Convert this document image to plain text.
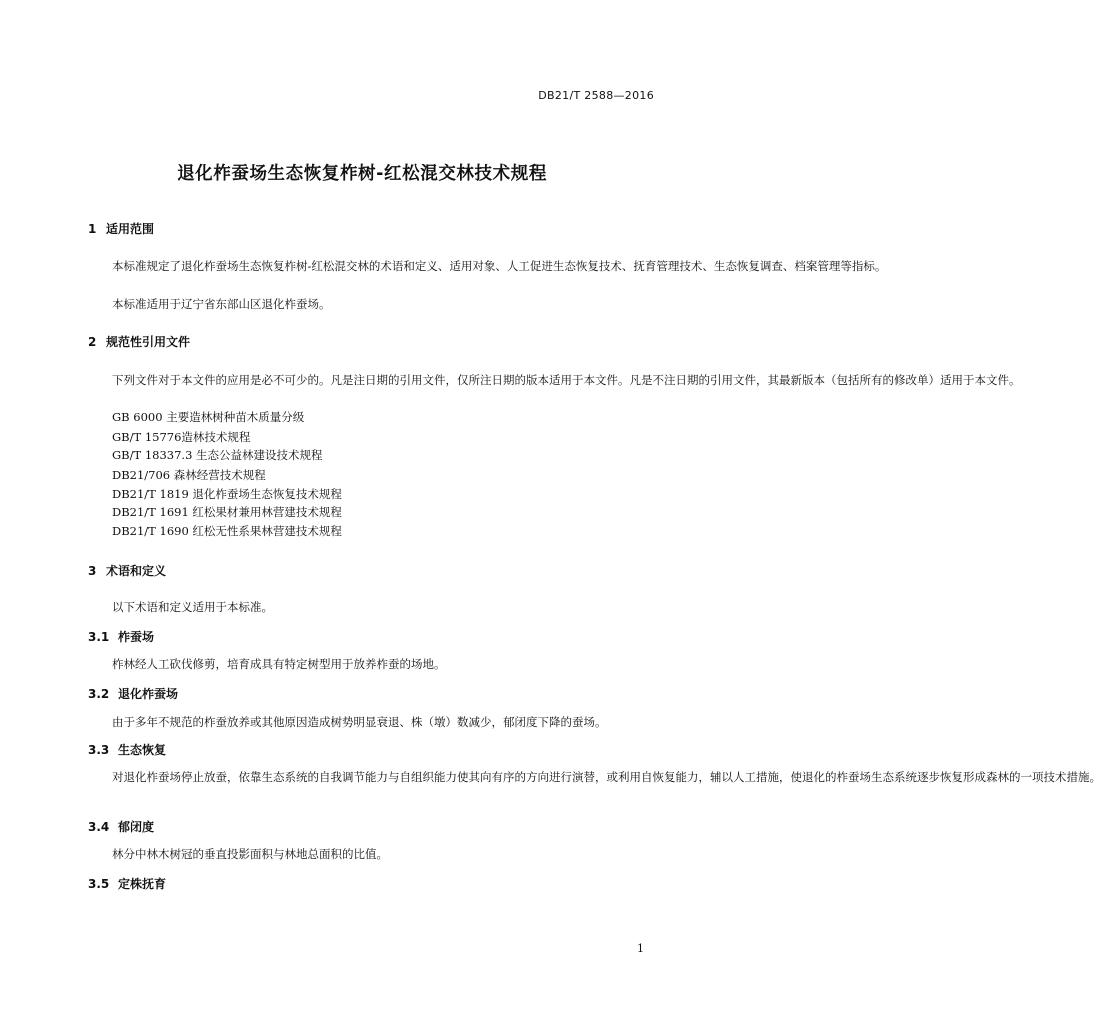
DB21/T 2588—2016
退化柞蚕场生态恢复柞树-红松混交林技术规程
1 适用范围
本标准规定了退化柞蚕场生态恢复柞树-红松混交林的术语和定义、适用对象、人工促进生态恢复技术、抚育管理技术、生态恢复调查、档案管理等指标。
本标准适用于辽宁省东部山区退化柞蚕场。
2 规范性引用文件
下列文件对于本文件的应用是必不可少的。凡是注日期的引用文件，仅所注日期的版本适用于本文件。凡是不注日期的引用文件，其最新版本（包括所有的修改单）适用于本文件。
GB 6000 主要造林树种苗木质量分级
GB/T 15776造林技术规程
GB/T 18337.3 生态公益林建设技术规程
DB21/706 森林经营技术规程
DB21/T 1819 退化柞蚕场生态恢复技术规程
DB21/T 1691 红松果材兼用林营建技术规程
DB21/T 1690 红松无性系果林营建技术规程
3 术语和定义
以下术语和定义适用于本标准。
3.1 柞蚕场
柞林经人工砍伐修剪，培育成具有特定树型用于放养柞蚕的场地。
3.2 退化柞蚕场
由于多年不规范的柞蚕放养或其他原因造成树势明显衰退、株（墩）数减少，郁闭度下降的蚕场。
3.3 生态恢复
对退化柞蚕场停止放蚕，依靠生态系统的自我调节能力与自组织能力使其向有序的方向进行演替，或利用自恢复能力，辅以人工措施，使退化的柞蚕场生态系统逐步恢复形成森林的一项技术措施。
3.4 郁闭度
林分中林木树冠的垂直投影面积与林地总面积的比值。
3.5 定株抚育
1
